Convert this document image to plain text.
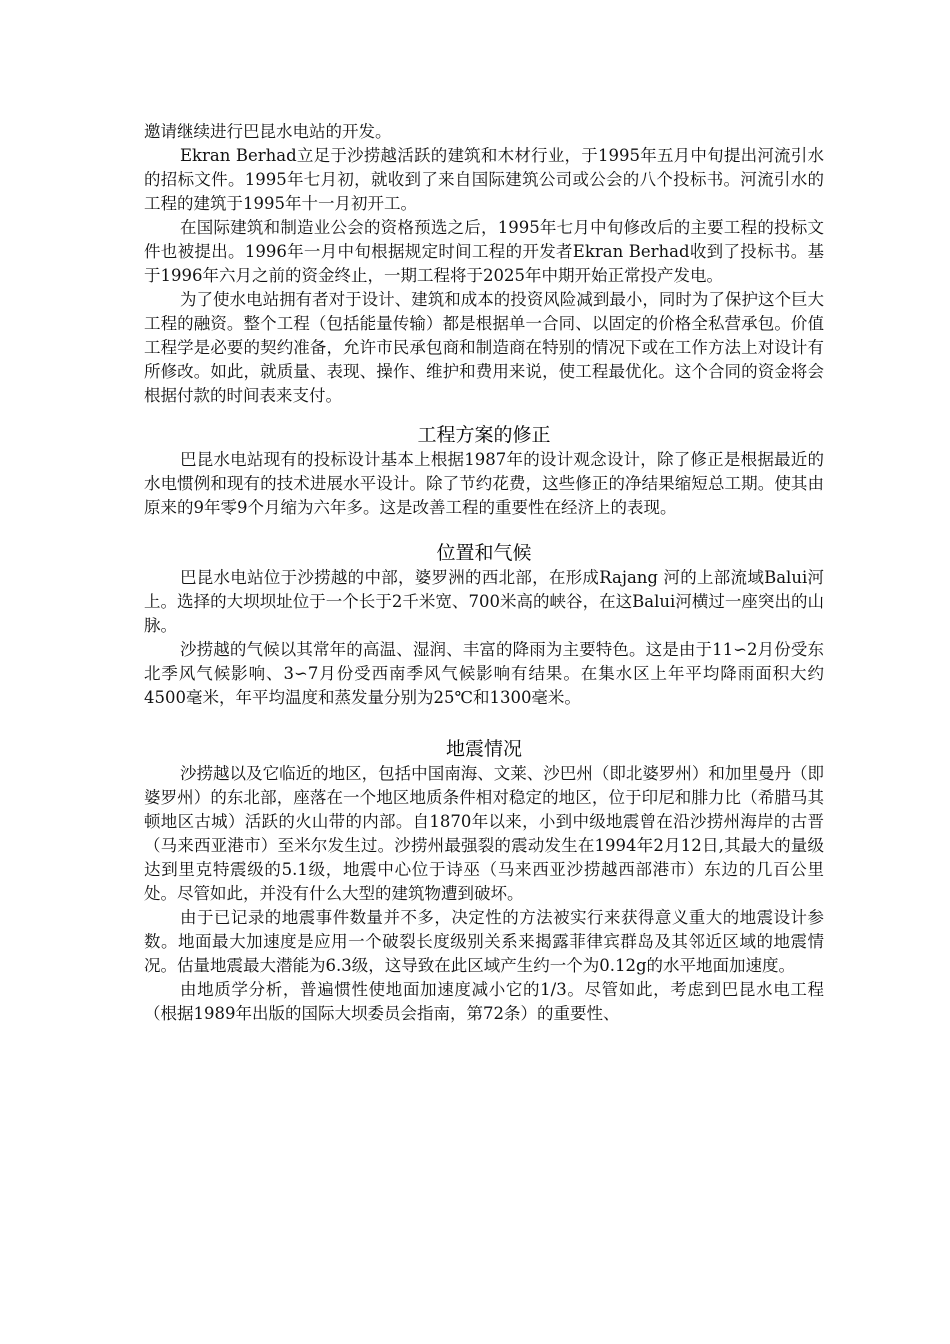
邀请继续进行巴昆水电站的开发。

Ekran Berhad立足于沙捞越活跃的建筑和木材行业，于1995年五月中旬提出河流引水的招标文件。1995年七月初，就收到了来自国际建筑公司或公会的八个投标书。河流引水的工程的建筑于1995年十一月初开工。

在国际建筑和制造业公会的资格预选之后，1995年七月中旬修改后的主要工程的投标文件也被提出。1996年一月中旬根据规定时间工程的开发者Ekran Berhad收到了投标书。基于1996年六月之前的资金终止，一期工程将于2025年中期开始正常投产发电。

为了使水电站拥有者对于设计、建筑和成本的投资风险减到最小，同时为了保护这个巨大工程的融资。整个工程（包括能量传输）都是根据单一合同、以固定的价格全私营承包。价值工程学是必要的契约准备，允许市民承包商和制造商在特别的情况下或在工作方法上对设计有所修改。如此，就质量、表现、操作、维护和费用来说，使工程最优化。这个合同的资金将会根据付款的时间表来支付。

工程方案的修正

巴昆水电站现有的投标设计基本上根据1987年的设计观念设计，除了修正是根据最近的水电惯例和现有的技术进展水平设计。除了节约花费，这些修正的净结果缩短总工期。使其由原来的9年零9个月缩为六年多。这是改善工程的重要性在经济上的表现。

位置和气候

巴昆水电站位于沙捞越的中部，婆罗洲的西北部，在形成Rajang 河的上部流域Balui河上。选择的大坝坝址位于一个长于2千米宽、700米高的峡谷，在这Balui河横过一座突出的山脉。

沙捞越的气候以其常年的高温、湿润、丰富的降雨为主要特色。这是由于11∽2月份受东北季风气候影响、3∽7月份受西南季风气候影响有结果。在集水区上年平均降雨面积大约4500毫米，年平均温度和蒸发量分别为25℃和1300毫米。

地震情况

沙捞越以及它临近的地区，包括中国南海、文莱、沙巴州（即北婆罗州）和加里曼丹（即婆罗州）的东北部，座落在一个地区地质条件相对稳定的地区，位于印尼和腓力比（希腊马其顿地区古城）活跃的火山带的内部。自1870年以来，小到中级地震曾在沿沙捞州海岸的古晋（马来西亚港市）至米尔发生过。沙捞州最强裂的震动发生在1994年2月12日,其最大的量级达到里克特震级的5.1级，地震中心位于诗巫（马来西亚沙捞越西部港市）东边的几百公里处。尽管如此，并没有什么大型的建筑物遭到破坏。

由于已记录的地震事件数量并不多，决定性的方法被实行来获得意义重大的地震设计参数。地面最大加速度是应用一个破裂长度级别关系来揭露菲律宾群岛及其邻近区域的地震情况。估量地震最大潜能为6.3级，这导致在此区域产生约一个为0.12g的水平地面加速度。

由地质学分析，普遍惯性使地面加速度减小它的1/3。尽管如此，考虑到巴昆水电工程（根据1989年出版的国际大坝委员会指南，第72条）的重要性、
